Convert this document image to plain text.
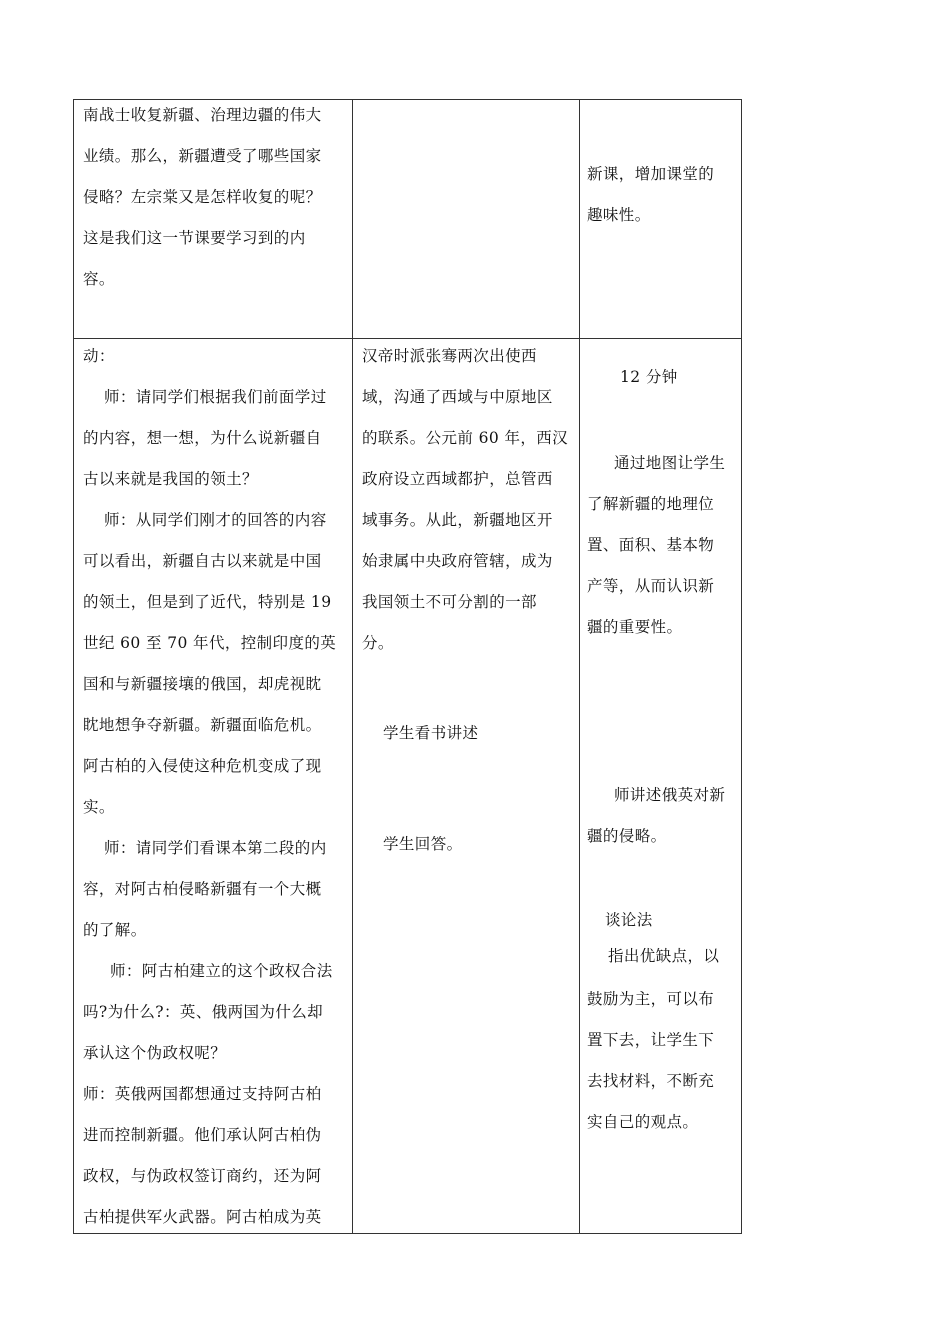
南战士收复新疆、治理边疆的伟大
业绩。那么，新疆遭受了哪些国家
侵略？左宗棠又是怎样收复的呢？
这是我们这一节课要学习到的内
容。
新课，增加课堂的
趣味性。
动：
师：请同学们根据我们前面学过
的内容，想一想，为什么说新疆自
古以来就是我国的领土？
师：从同学们刚才的回答的内容
可以看出，新疆自古以来就是中国
的领土，但是到了近代，特别是 19
世纪 60 至 70 年代，控制印度的英
国和与新疆接壤的俄国，却虎视眈
眈地想争夺新疆。新疆面临危机。
阿古柏的入侵使这种危机变成了现
实。
师：请同学们看课本第二段的内
容，对阿古柏侵略新疆有一个大概
的了解。
师：阿古柏建立的这个政权合法
吗?为什么?：英、俄两国为什么却
承认这个伪政权呢？
师：英俄两国都想通过支持阿古柏
进而控制新疆。他们承认阿古柏伪
政权，与伪政权签订商约，还为阿
古柏提供军火武器。阿古柏成为英
汉帝时派张骞两次出使西
域，沟通了西域与中原地区
的联系。公元前 60 年，西汉
政府设立西域都护，总管西
域事务。从此，新疆地区开
始隶属中央政府管辖，成为
我国领土不可分割的一部
分。
学生看书讲述
学生回答。
12 分钟
通过地图让学生
了解新疆的地理位
置、面积、基本物
产等，从而认识新
疆的重要性。
师讲述俄英对新
疆的侵略。
谈论法
指出优缺点，以
鼓励为主，可以布
置下去，让学生下
去找材料，不断充
实自己的观点。
